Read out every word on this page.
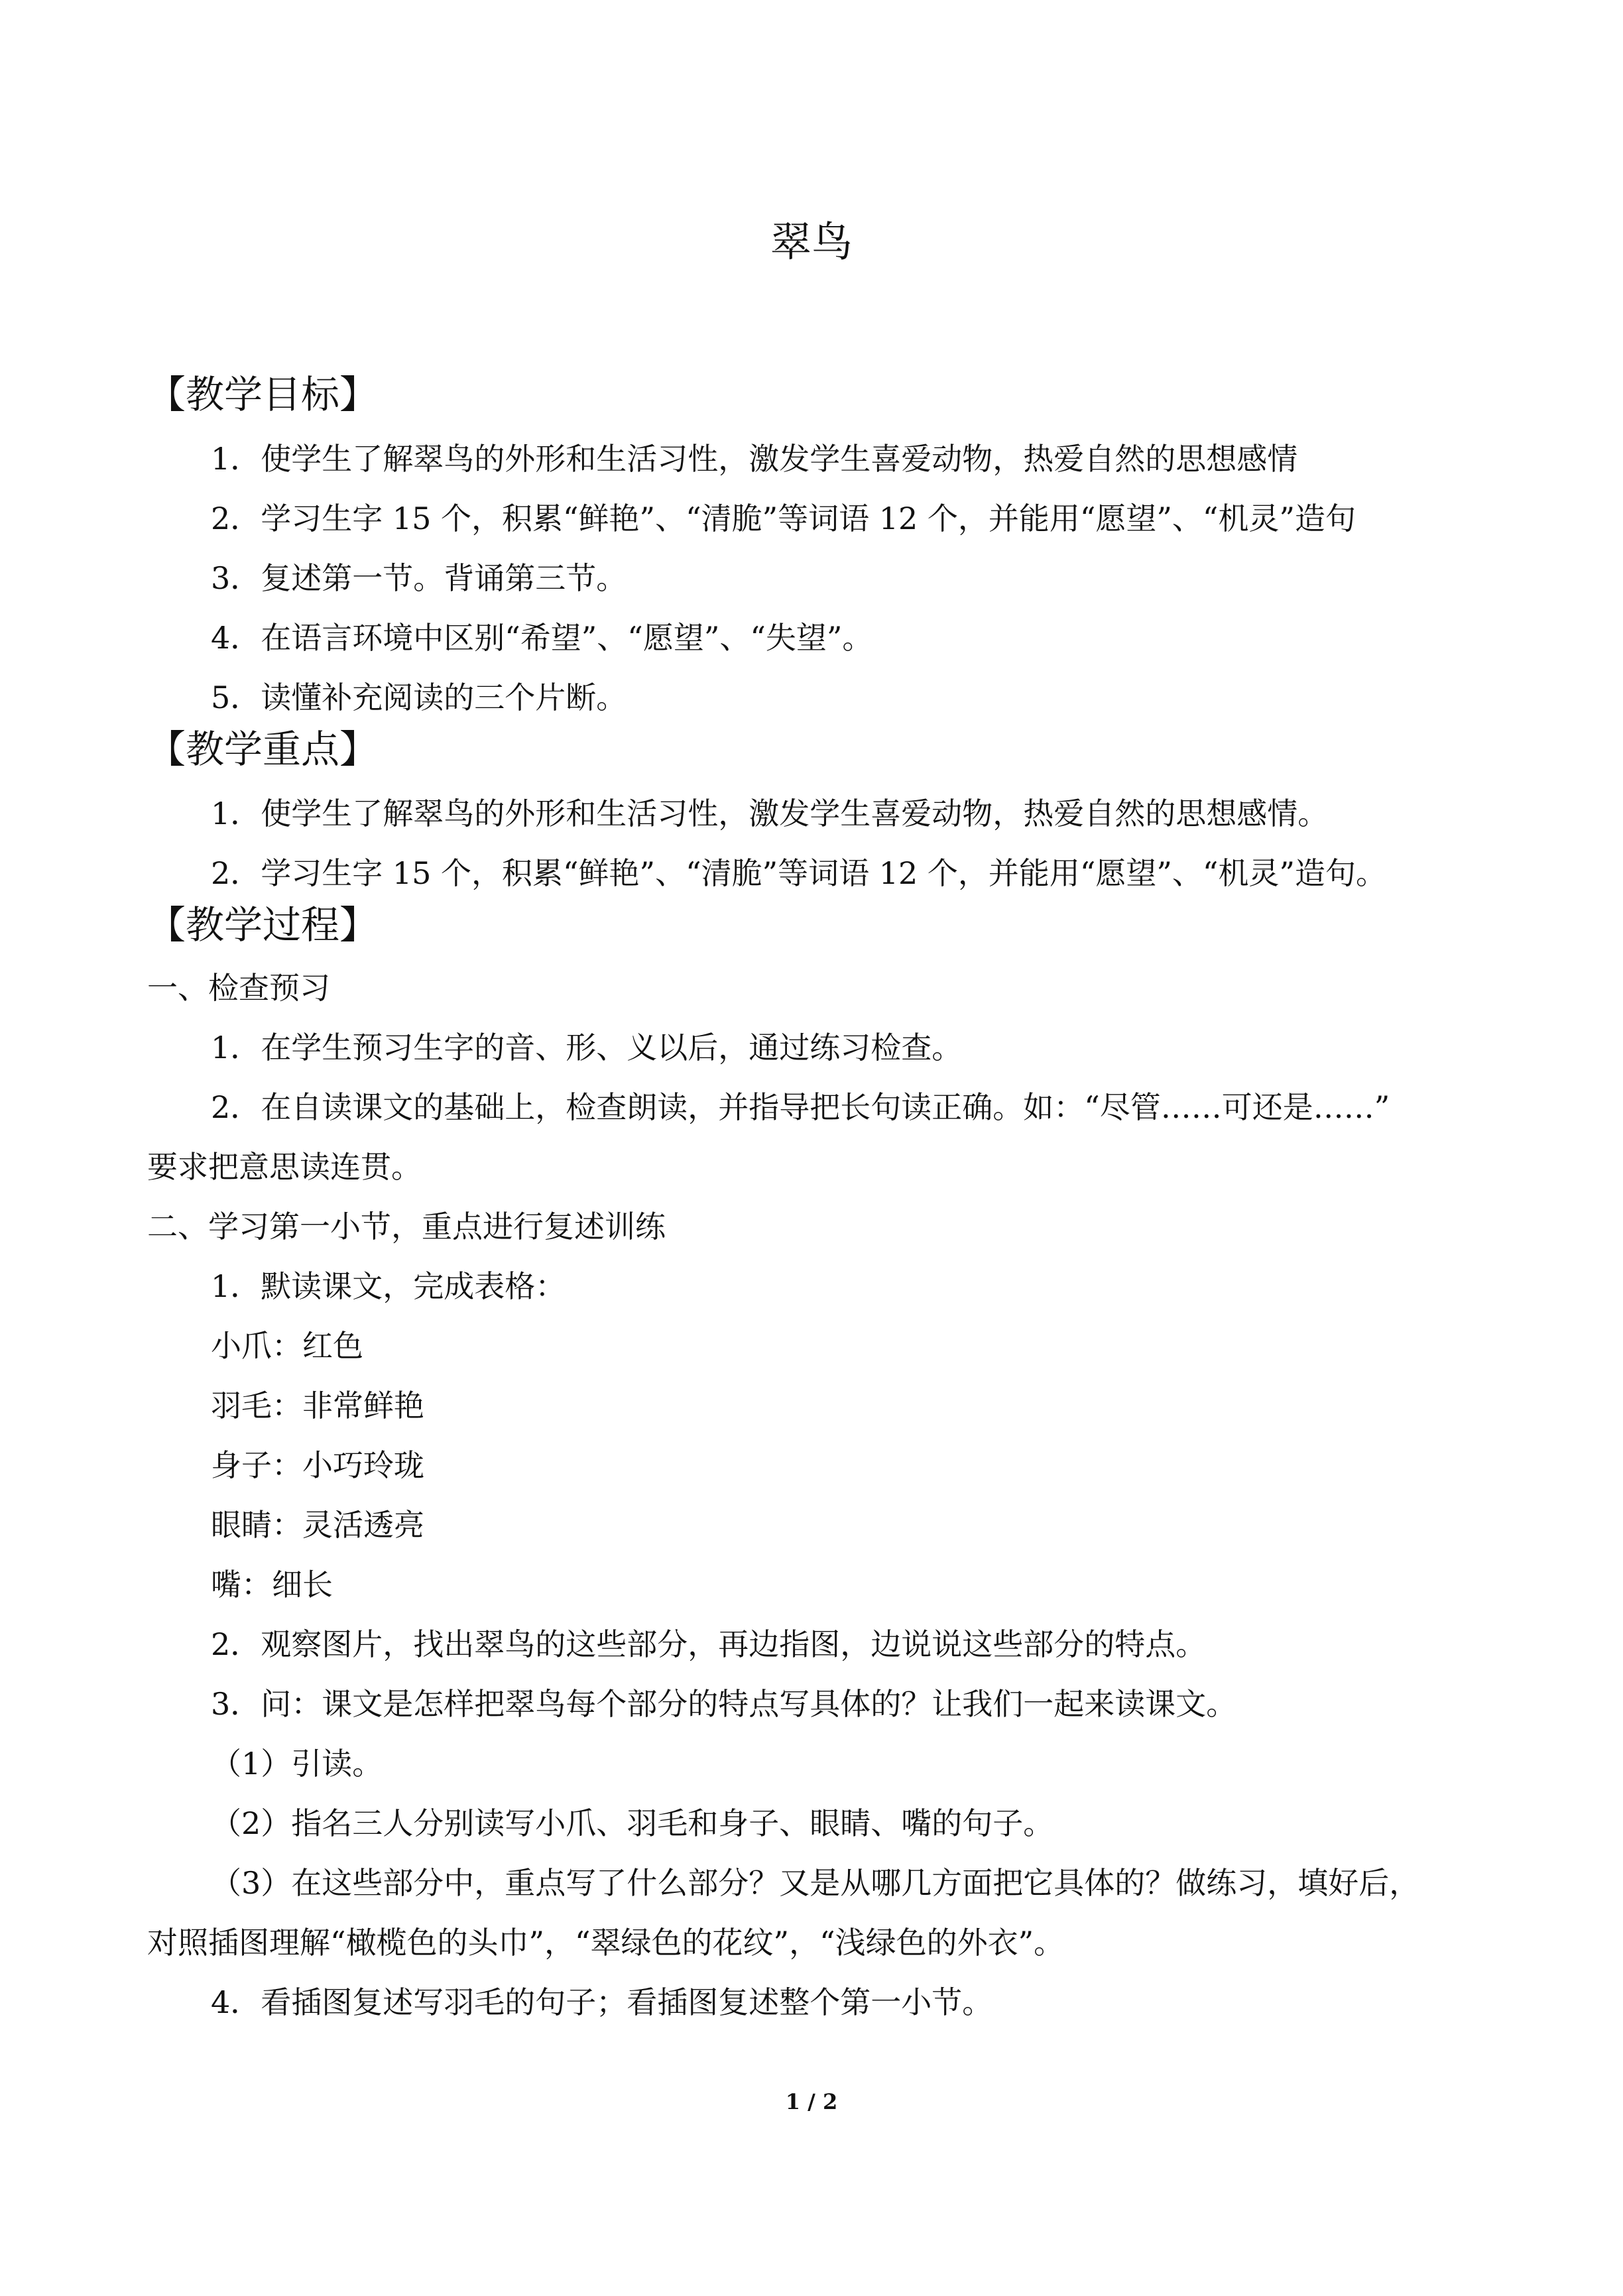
翠鸟
【教学目标】
1．使学生了解翠鸟的外形和生活习性，激发学生喜爱动物，热爱自然的思想感情
2．学习生字 15 个，积累“鲜艳”、“清脆”等词语 12 个，并能用“愿望”、“机灵”造句
3．复述第一节。背诵第三节。
4．在语言环境中区别“希望”、“愿望”、“失望”。
5．读懂补充阅读的三个片断。
【教学重点】
1．使学生了解翠鸟的外形和生活习性，激发学生喜爱动物，热爱自然的思想感情。
2．学习生字 15 个，积累“鲜艳”、“清脆”等词语 12 个，并能用“愿望”、“机灵”造句。
【教学过程】
一、检查预习
1．在学生预习生字的音、形、义以后，通过练习检查。
2．在自读课文的基础上，检查朗读，并指导把长句读正确。如：“尽管……可还是……”
要求把意思读连贯。
二、学习第一小节，重点进行复述训练
1．默读课文，完成表格：
小爪：红色
羽毛：非常鲜艳
身子：小巧玲珑
眼睛：灵活透亮
嘴：细长
2．观察图片，找出翠鸟的这些部分，再边指图，边说说这些部分的特点。
3．问：课文是怎样把翠鸟每个部分的特点写具体的？让我们一起来读课文。
（1）引读。
（2）指名三人分别读写小爪、羽毛和身子、眼睛、嘴的句子。
（3）在这些部分中，重点写了什么部分？又是从哪几方面把它具体的？做练习，填好后，
对照插图理解“橄榄色的头巾”，“翠绿色的花纹”，“浅绿色的外衣”。
4．看插图复述写羽毛的句子；看插图复述整个第一小节。
1 / 2
